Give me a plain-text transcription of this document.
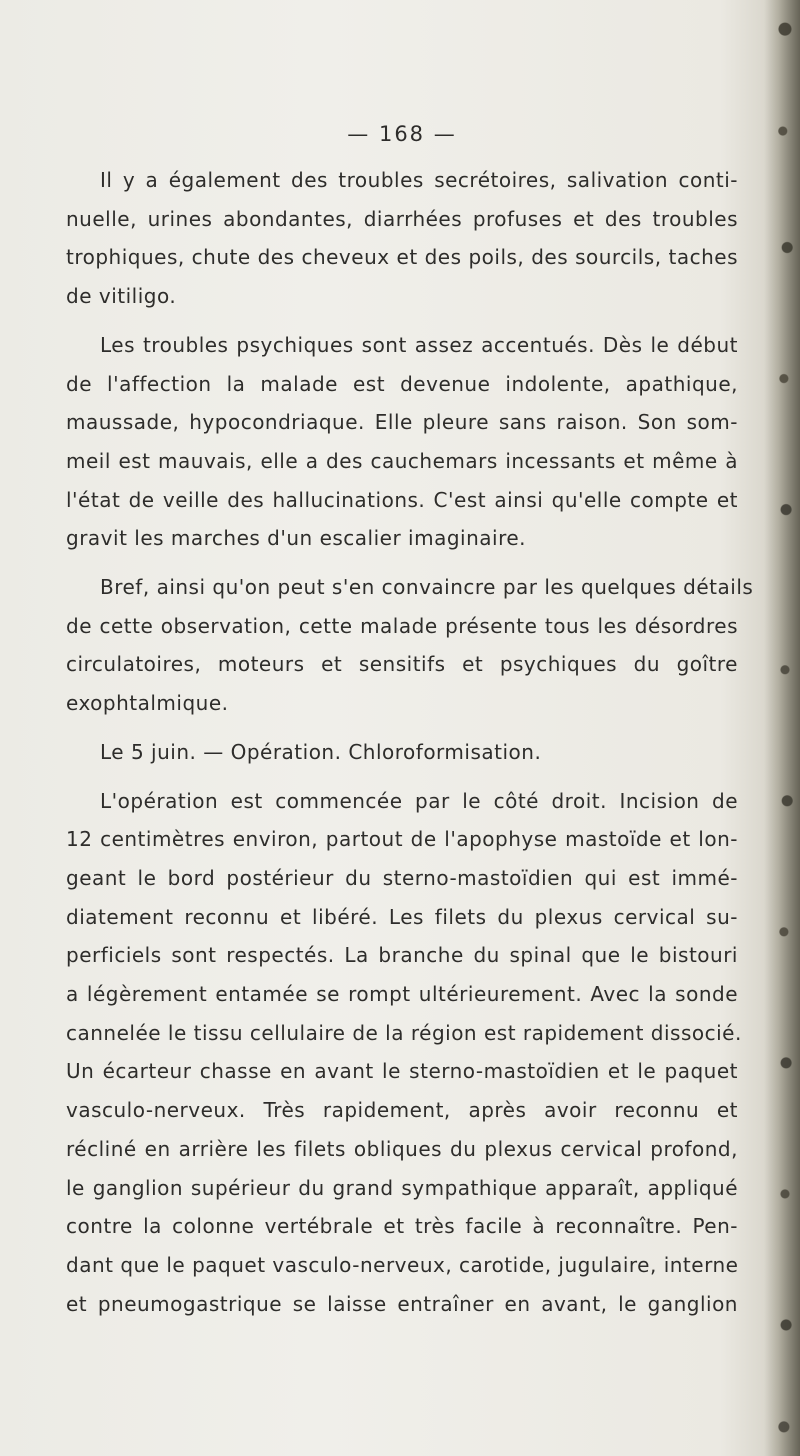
— 168 —
Il y a également des troubles secrétoires, salivation conti-
nuelle, urines abondantes, diarrhées profuses et des troubles
trophiques, chute des cheveux et des poils, des sourcils, taches
de vitiligo.
Les troubles psychiques sont assez accentués. Dès le début
de l'affection la malade est devenue indolente, apathique,
maussade, hypocondriaque. Elle pleure sans raison. Son som-
meil est mauvais, elle a des cauchemars incessants et même à
l'état de veille des hallucinations. C'est ainsi qu'elle compte et
gravit les marches d'un escalier imaginaire.
Bref, ainsi qu'on peut s'en convaincre par les quelques détails
de cette observation, cette malade présente tous les désordres
circulatoires, moteurs et sensitifs et psychiques du goître
exophtalmique.
Le 5 juin. — Opération. Chloroformisation.
L'opération est commencée par le côté droit. Incision de
12 centimètres environ, partout de l'apophyse mastoïde et lon-
geant le bord postérieur du sterno-mastoïdien qui est immé-
diatement reconnu et libéré. Les filets du plexus cervical su-
perficiels sont respectés. La branche du spinal que le bistouri
a légèrement entamée se rompt ultérieurement. Avec la sonde
cannelée le tissu cellulaire de la région est rapidement dissocié.
Un écarteur chasse en avant le sterno-mastoïdien et le paquet
vasculo-nerveux. Très rapidement, après avoir reconnu et
récliné en arrière les filets obliques du plexus cervical profond,
le ganglion supérieur du grand sympathique apparaît, appliqué
contre la colonne vertébrale et très facile à reconnaître. Pen-
dant que le paquet vasculo-nerveux, carotide, jugulaire, interne
et pneumogastrique se laisse entraîner en avant, le ganglion
